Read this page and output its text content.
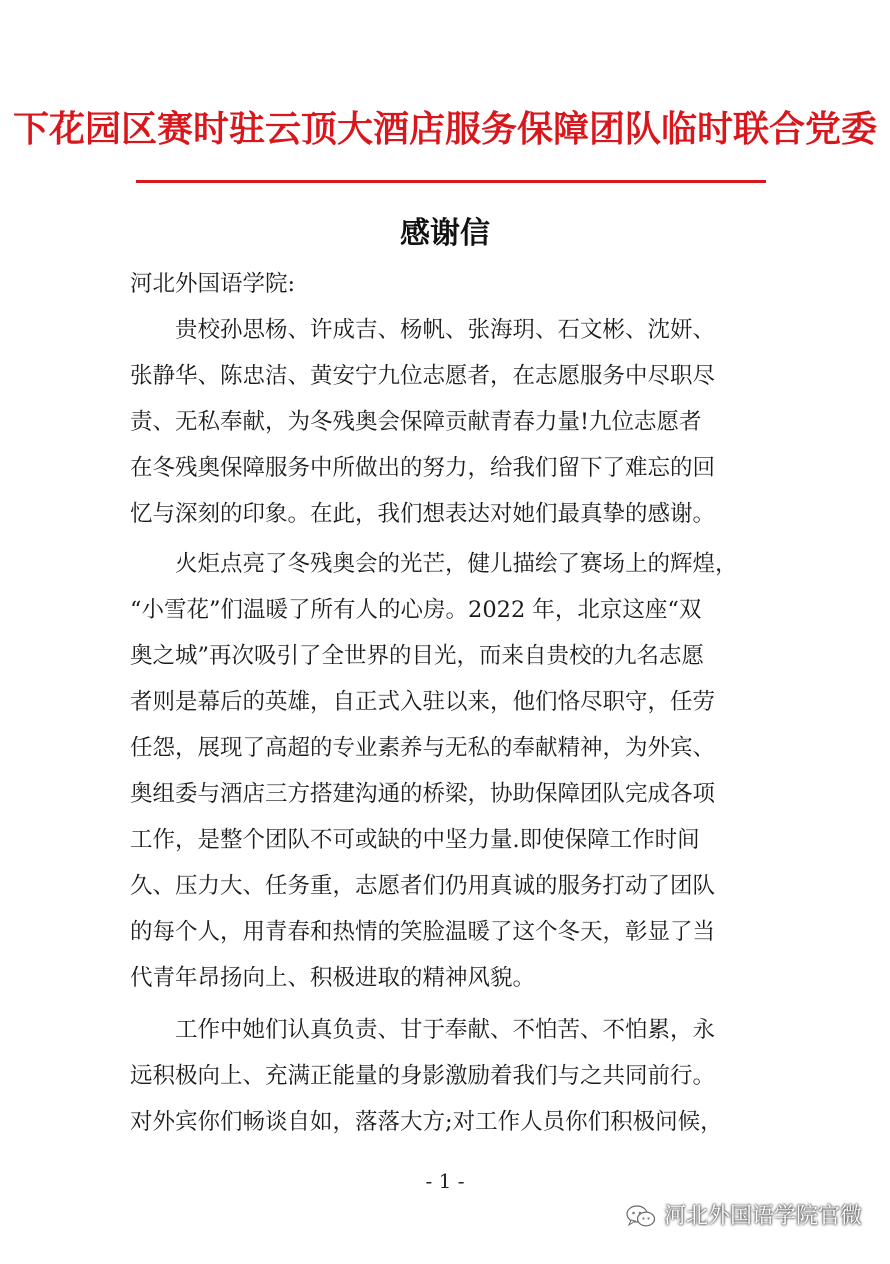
下花园区赛时驻云顶大酒店服务保障团队临时联合党委
感谢信
河北外国语学院:
贵校孙思杨、许成吉、杨帆、张海玥、石文彬、沈妍、
张静华、陈忠洁、黄安宁九位志愿者，在志愿服务中尽职尽
责、无私奉献，为冬残奥会保障贡献青春力量!九位志愿者
在冬残奥保障服务中所做出的努力，给我们留下了难忘的回
忆与深刻的印象。在此，我们想表达对她们最真挚的感谢。
火炬点亮了冬残奥会的光芒，健儿描绘了赛场上的辉煌，
“小雪花”们温暖了所有人的心房。2022 年，北京这座“双
奥之城”再次吸引了全世界的目光，而来自贵校的九名志愿
者则是幕后的英雄，自正式入驻以来，他们恪尽职守，任劳
任怨，展现了高超的专业素养与无私的奉献精神，为外宾、
奥组委与酒店三方搭建沟通的桥梁，协助保障团队完成各项
工作，是整个团队不可或缺的中坚力量.即使保障工作时间
久、压力大、任务重，志愿者们仍用真诚的服务打动了团队
的每个人，用青春和热情的笑脸温暖了这个冬天，彰显了当
代青年昂扬向上、积极进取的精神风貌。
工作中她们认真负责、甘于奉献、不怕苦、不怕累，永
远积极向上、充满正能量的身影激励着我们与之共同前行。
对外宾你们畅谈自如，落落大方;对工作人员你们积极问候，
- 1 -
河北外国语学院官微
